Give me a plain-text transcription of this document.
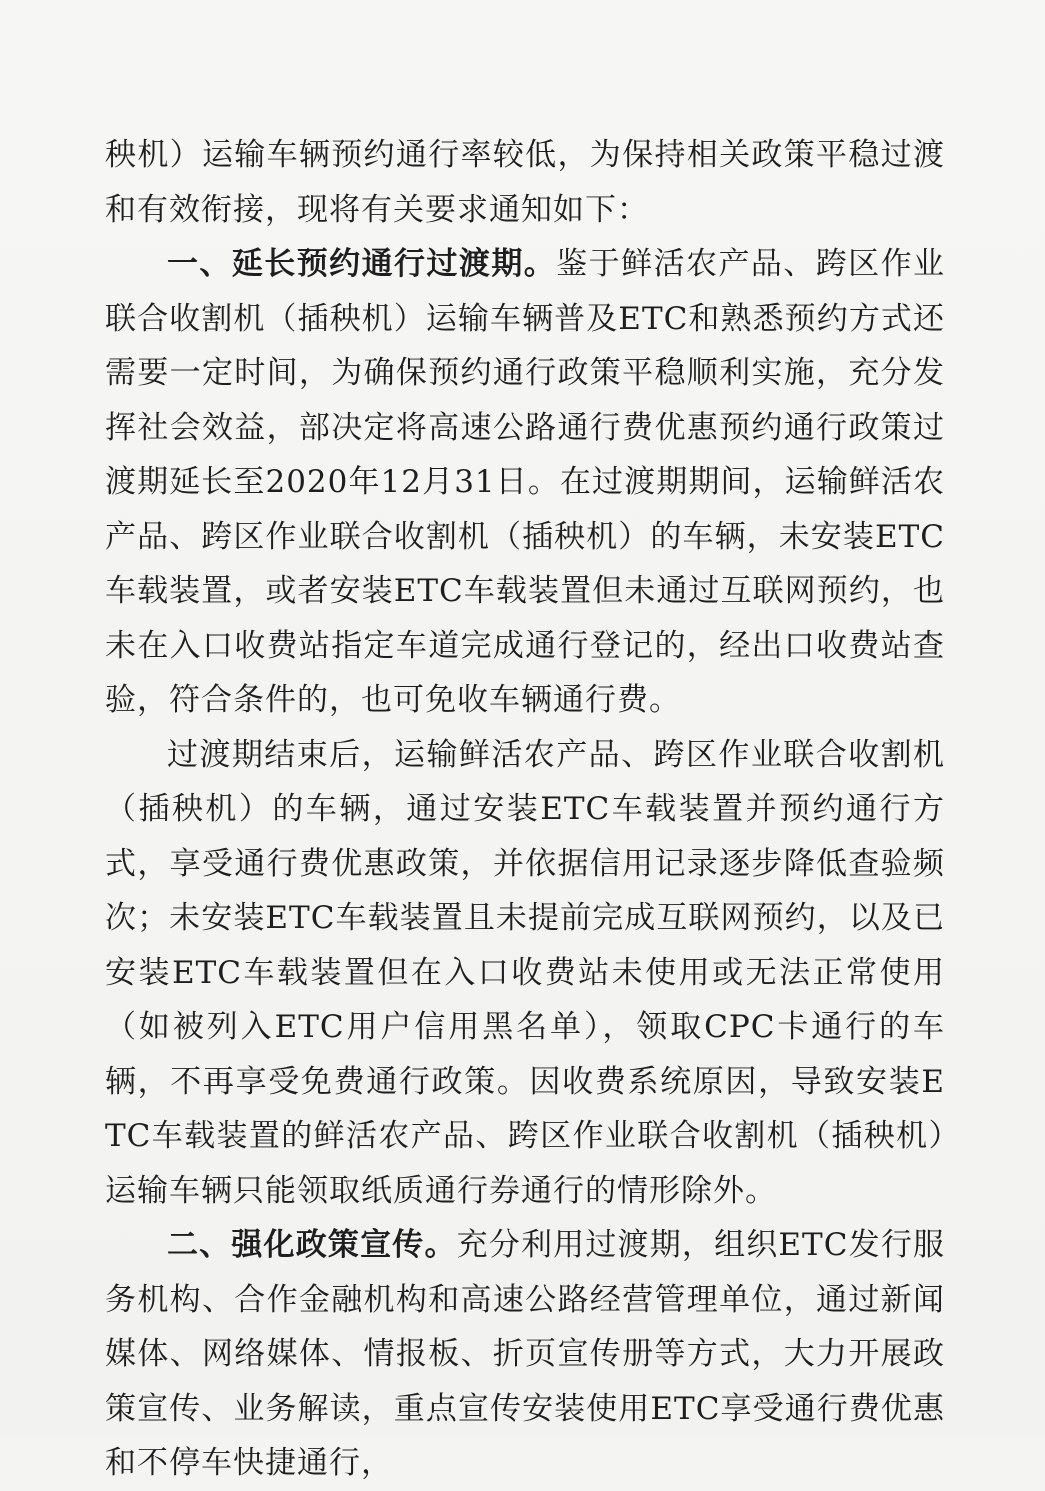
秧机）运输车辆预约通行率较低，为保持相关政策平稳过渡和有效衔接，现将有关要求通知如下：

一、延长预约通行过渡期。鉴于鲜活农产品、跨区作业联合收割机（插秧机）运输车辆普及ETC和熟悉预约方式还需要一定时间，为确保预约通行政策平稳顺利实施，充分发挥社会效益，部决定将高速公路通行费优惠预约通行政策过渡期延长至2020年12月31日。在过渡期期间，运输鲜活农产品、跨区作业联合收割机（插秧机）的车辆，未安装ETC车载装置，或者安装ETC车载装置但未通过互联网预约，也未在入口收费站指定车道完成通行登记的，经出口收费站查验，符合条件的，也可免收车辆通行费。

过渡期结束后，运输鲜活农产品、跨区作业联合收割机（插秧机）的车辆，通过安装ETC车载装置并预约通行方式，享受通行费优惠政策，并依据信用记录逐步降低查验频次；未安装ETC车载装置且未提前完成互联网预约，以及已安装ETC车载装置但在入口收费站未使用或无法正常使用（如被列入ETC用户信用黑名单），领取CPC卡通行的车辆，不再享受免费通行政策。因收费系统原因，导致安装ETC车载装置的鲜活农产品、跨区作业联合收割机（插秧机）运输车辆只能领取纸质通行券通行的情形除外。

二、强化政策宣传。充分利用过渡期，组织ETC发行服务机构、合作金融机构和高速公路经营管理单位，通过新闻媒体、网络媒体、情报板、折页宣传册等方式，大力开展政策宣传、业务解读，重点宣传安装使用ETC享受通行费优惠和不停车快捷通行，
